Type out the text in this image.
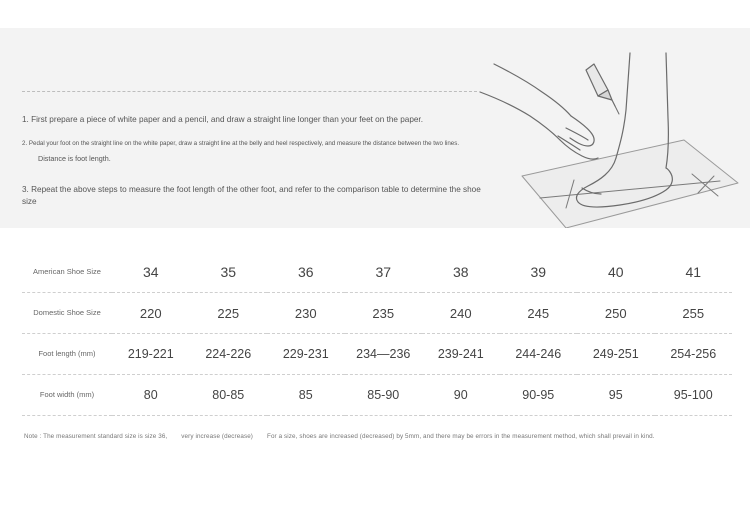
1. First prepare a piece of white paper and a pencil, and draw a straight line longer than your feet on the paper.
2. Pedal your foot on the straight line on the white paper, draw a straight line at the belly and heel respectively, and measure the distance between the two lines.
Distance is foot length.
3. Repeat the above steps to measure the foot length of the other foot, and refer to the comparison table to determine the shoe size
American Shoe Size	34	35	36	37	38	39	40	41
Domestic Shoe Size	220	225	230	235	240	245	250	255
Foot length (mm)	219-221	224-226	229-231	234—236	239-241	244-246	249-251	254-256
Foot width (mm)	80	80-85	85	85-90	90	90-95	95	95-100
Note : The measurement standard size is size 36, very increase (decrease) For a size, shoes are increased (decreased) by 5mm, and there may be errors in the measurement method, which shall prevail in kind.
